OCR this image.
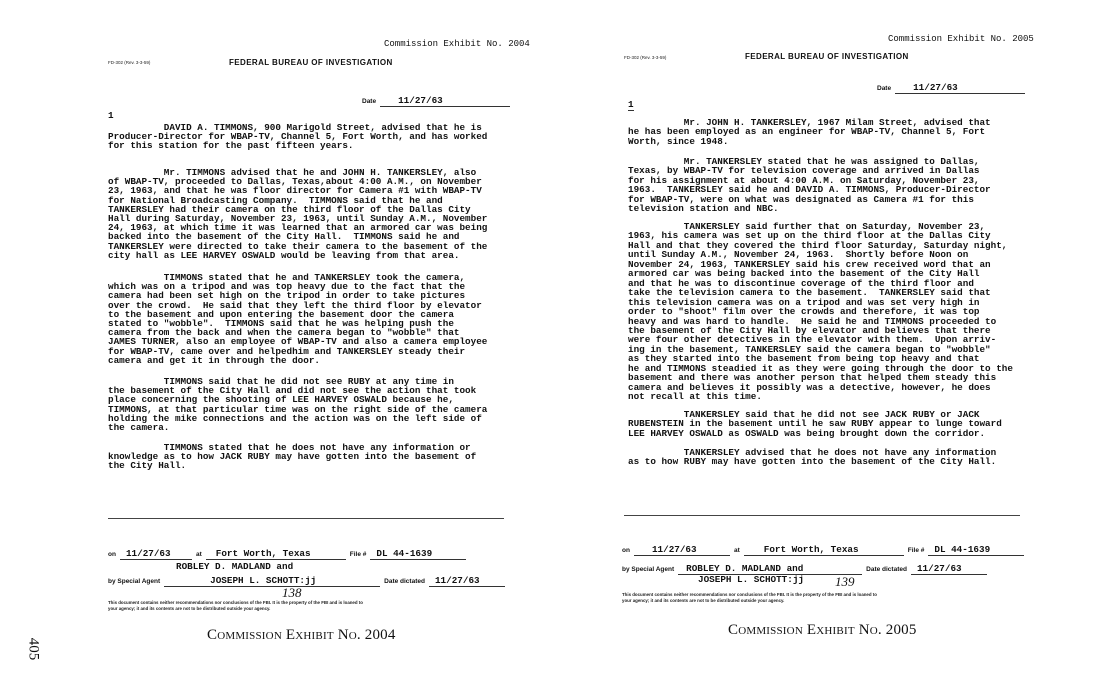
405
Commission Exhibit No. 2004
FD-302 (Rev. 3-3-59)	FEDERAL BUREAU OF INVESTIGATION
Date 11/27/63
1
DAVID A. TIMMONS, 900 Marigold Street, advised that he is
Producer-Director for WBAP-TV, Channel 5, Fort Worth, and has worked
for this station for the past fifteen years.
Mr. TIMMONS advised that he and JOHN H. TANKERSLEY, also
of WBAP-TV, proceeded to Dallas, Texas,about 4:00 A.M., on November
23, 1963, and that he was floor director for Camera #1 with WBAP-TV
for National Broadcasting Company.  TIMMONS said that he and
TANKERSLEY had their camera on the third floor of the Dallas City
Hall during Saturday, November 23, 1963, until Sunday A.M., November
24, 1963, at which time it was learned that an armored car was being
backed into the basement of the City Hall.  TIMMONS said he and
TANKERSLEY were directed to take their camera to the basement of the
city hall as LEE HARVEY OSWALD would be leaving from that area.
TIMMONS stated that he and TANKERSLEY took the camera,
which was on a tripod and was top heavy due to the fact that the
camera had been set high on the tripod in order to take pictures
over the crowd.  He said that they left the third floor by elevator
to the basement and upon entering the basement door the camera
stated to "wobble".  TIMMONS said that he was helping push the
camera from the back and when the camera began to "wobble" that
JAMES TURNER, also an employee of WBAP-TV and also a camera employee
for WBAP-TV, came over and helpedhim and TANKERSLEY steady their
camera and get it in through the door.
TIMMONS said that he did not see RUBY at any time in
the basement of the City Hall and did not see the action that took
place concerning the shooting of LEE HARVEY OSWALD because he,
TIMMONS, at that particular time was on the right side of the camera
holding the mike connections and the action was on the left side of
the camera.
TIMMONS stated that he does not have any information or
knowledge as to how JACK RUBY may have gotten into the basement of
the City Hall.
on 11/27/63	at Fort Worth, Texas	File # DL 44-1639
ROBLEY D. MADLAND and
by Special Agent	JOSEPH L. SCHOTT:jj	Date dictated 11/27/63
138
This document contains neither recommendations nor conclusions of the FBI. It is the property of the FBI and is loaned to
your agency; it and its contents are not to be distributed outside your agency.
Commission Exhibit No. 2004
Commission Exhibit No. 2005
FD-302 (Rev. 3-3-59)	FEDERAL BUREAU OF INVESTIGATION
Date 11/27/63
1
Mr. JOHN H. TANKERSLEY, 1967 Milam Street, advised that
he has been employed as an engineer for WBAP-TV, Channel 5, Fort
Worth, since 1948.
Mr. TANKERSLEY stated that he was assigned to Dallas,
Texas, by WBAP-TV for television coverage and arrived in Dallas
for his assignment at about 4:00 A.M. on Saturday, November 23,
1963.  TANKERSLEY said he and DAVID A. TIMMONS, Producer-Director
for WBAP-TV, were on what was designated as Camera #1 for this
television station and NBC.
TANKERSLEY said further that on Saturday, November 23,
1963, his camera was set up on the third floor at the Dallas City
Hall and that they covered the third floor Saturday, Saturday night,
until Sunday A.M., November 24, 1963.  Shortly before Noon on
November 24, 1963, TANKERSLEY said his crew received word that an
armored car was being backed into the basement of the City Hall
and that he was to discontinue coverage of the third floor and
take the television camera to the basement.  TANKERSLEY said that
this television camera was on a tripod and was set very high in
order to "shoot" film over the crowds and therefore, it was top
heavy and was hard to handle.  He said he and TIMMONS proceeded to
the basement of the City Hall by elevator and believes that there
were four other detectives in the elevator with them.  Upon arriv-
ing in the basement, TANKERSLEY said the camera began to "wobble"
as they started into the basement from being top heavy and that
he and TIMMONS steadied it as they were going through the door to the
basement and there was another person that helped them steady this
camera and believes it possibly was a detective, however, he does
not recall at this time.
TANKERSLEY said that he did not see JACK RUBY or JACK
RUBENSTEIN in the basement until he saw RUBY appear to lunge toward
LEE HARVEY OSWALD as OSWALD was being brought down the corridor.
TANKERSLEY advised that he does not have any information
as to how RUBY may have gotten into the basement of the City Hall.
on 11/27/63	at	Fort Worth, Texas	File # DL 44-1639
by Special Agent ROBLEY D. MADLAND and	Date dictated 11/27/63
JOSEPH L. SCHOTT:jj 139
This document contains neither recommendations nor conclusions of the FBI. It is the property of the FBI and is loaned to
your agency; it and its contents are not to be distributed outside your agency.
Commission Exhibit No. 2005
